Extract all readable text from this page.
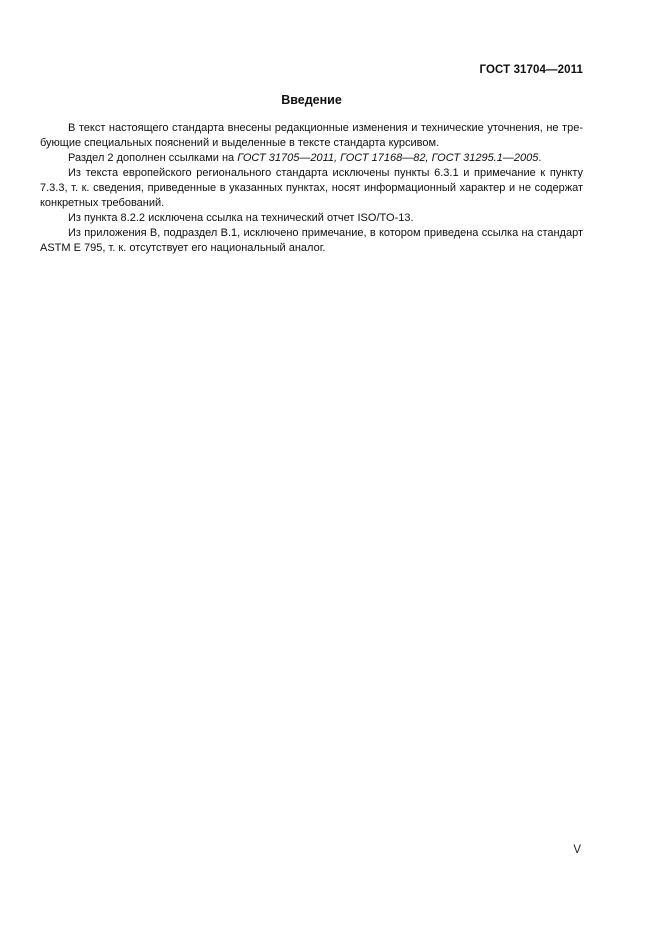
ГОСТ 31704—2011
Введение

В текст настоящего стандарта внесены редакционные изменения и технические уточнения, не требующие специальных пояснений и выделенные в тексте стандарта курсивом.

Раздел 2 дополнен ссылками на ГОСТ 31705—2011, ГОСТ 17168—82, ГОСТ 31295.1—2005.

Из текста европейского регионального стандарта исключены пункты 6.3.1 и примечание к пункту 7.3.3, т. к. сведения, приведенные в указанных пунктах, носят информационный характер и не содержат конкретных требований.

Из пункта 8.2.2 исключена ссылка на технический отчет ISO/TO-13.

Из приложения В, подраздел В.1, исключено примечание, в котором приведена ссылка на стандарт ASTM E 795, т. к. отсутствует его национальный аналог.

V
